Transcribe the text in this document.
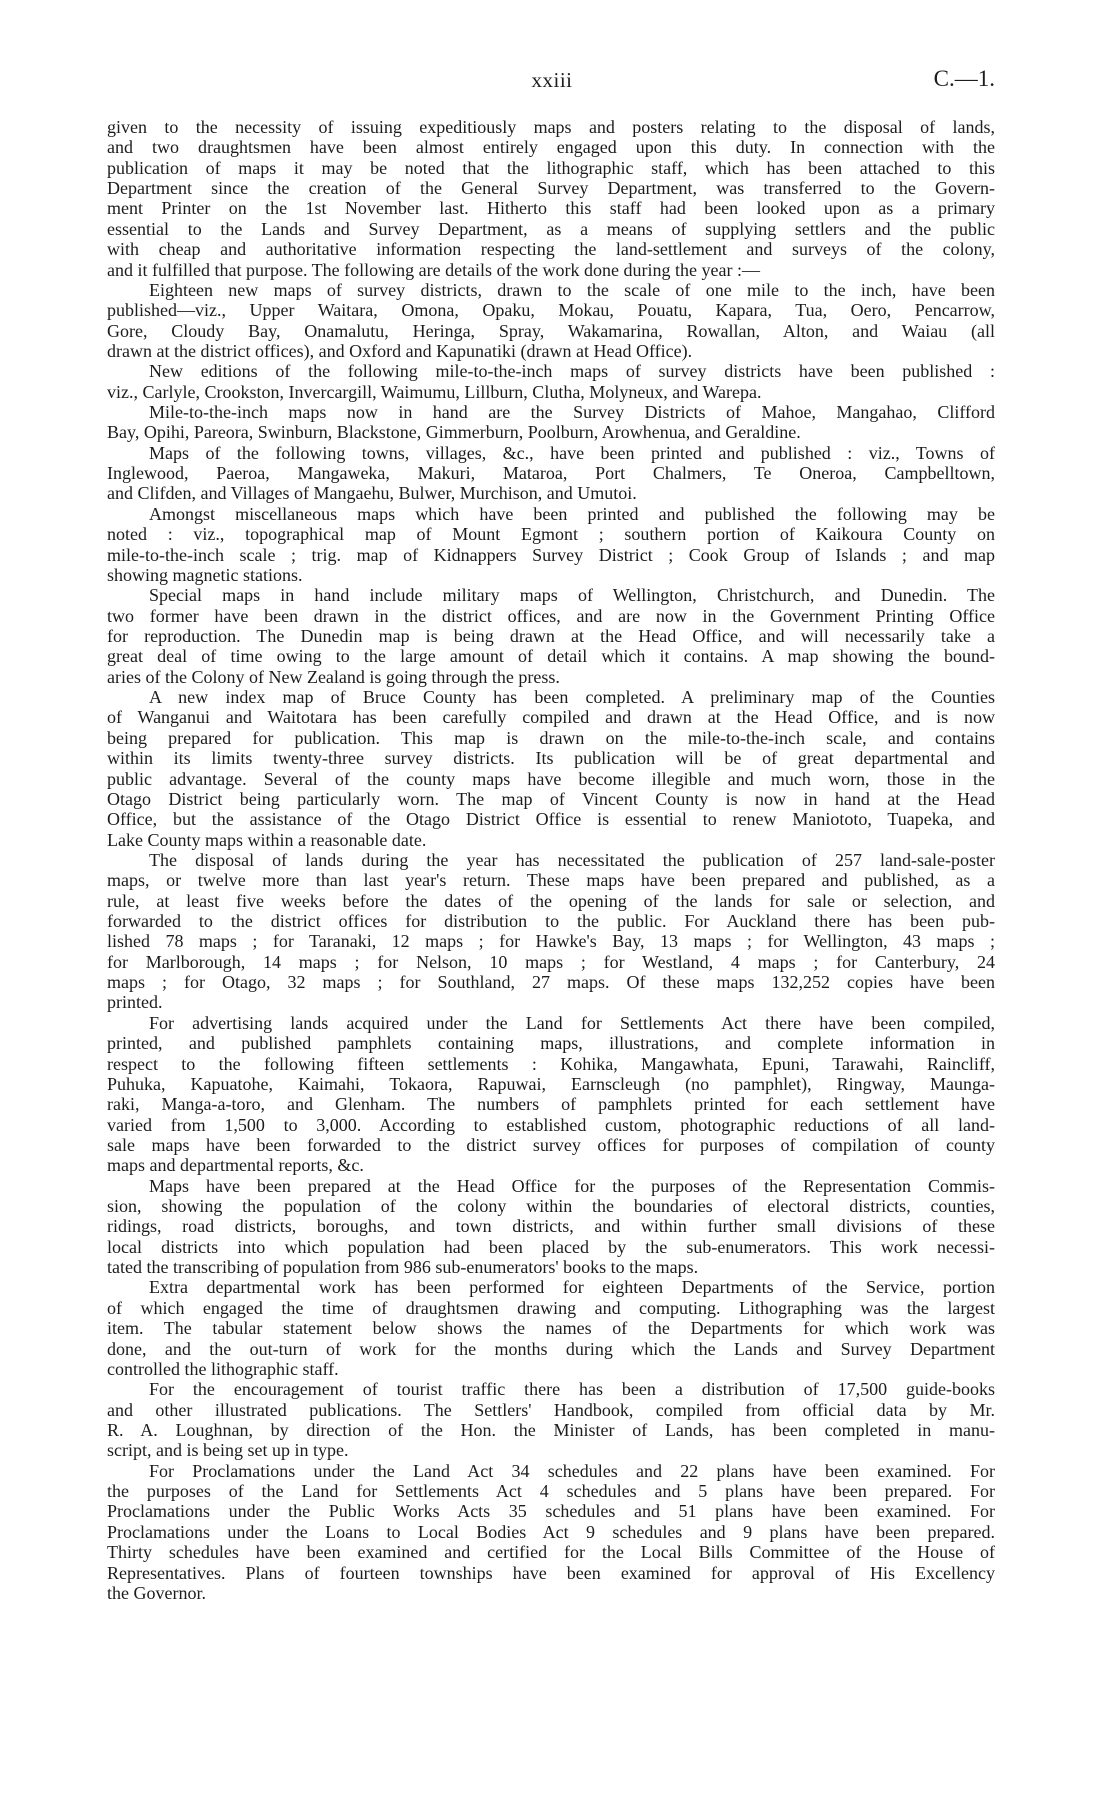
xxiii	C.—1.
given to the necessity of issuing expeditiously maps and posters relating to the disposal of lands,
and two draughtsmen have been almost entirely engaged upon this duty. In connection with the
publication of maps it may be noted that the lithographic staff, which has been attached to this
Department since the creation of the General Survey Department, was transferred to the Govern-
ment Printer on the 1st November last. Hitherto this staff had been looked upon as a primary
essential to the Lands and Survey Department, as a means of supplying settlers and the public
with cheap and authoritative information respecting the land-settlement and surveys of the colony,
and it fulfilled that purpose. The following are details of the work done during the year :—
Eighteen new maps of survey districts, drawn to the scale of one mile to the inch, have been
published—viz., Upper Waitara, Omona, Opaku, Mokau, Pouatu, Kapara, Tua, Oero, Pencarrow,
Gore, Cloudy Bay, Onamalutu, Heringa, Spray, Wakamarina, Rowallan, Alton, and Waiau (all
drawn at the district offices), and Oxford and Kapunatiki (drawn at Head Office).
New editions of the following mile-to-the-inch maps of survey districts have been published :
viz., Carlyle, Crookston, Invercargill, Waimumu, Lillburn, Clutha, Molyneux, and Warepa.
Mile-to-the-inch maps now in hand are the Survey Districts of Mahoe, Mangahao, Clifford
Bay, Opihi, Pareora, Swinburn, Blackstone, Gimmerburn, Poolburn, Arowhenua, and Geraldine.
Maps of the following towns, villages, &c., have been printed and published : viz., Towns of
Inglewood, Paeroa, Mangaweka, Makuri, Mataroa, Port Chalmers, Te Oneroa, Campbelltown,
and Clifden, and Villages of Mangaehu, Bulwer, Murchison, and Umutoi.
Amongst miscellaneous maps which have been printed and published the following may be
noted : viz., topographical map of Mount Egmont ; southern portion of Kaikoura County on
mile-to-the-inch scale ; trig. map of Kidnappers Survey District ; Cook Group of Islands ; and map
showing magnetic stations.
Special maps in hand include military maps of Wellington, Christchurch, and Dunedin. The
two former have been drawn in the district offices, and are now in the Government Printing Office
for reproduction. The Dunedin map is being drawn at the Head Office, and will necessarily take a
great deal of time owing to the large amount of detail which it contains. A map showing the bound-
aries of the Colony of New Zealand is going through the press.
A new index map of Bruce County has been completed. A preliminary map of the Counties
of Wanganui and Waitotara has been carefully compiled and drawn at the Head Office, and is now
being prepared for publication. This map is drawn on the mile-to-the-inch scale, and contains
within its limits twenty-three survey districts. Its publication will be of great departmental and
public advantage. Several of the county maps have become illegible and much worn, those in the
Otago District being particularly worn. The map of Vincent County is now in hand at the Head
Office, but the assistance of the Otago District Office is essential to renew Maniototo, Tuapeka, and
Lake County maps within a reasonable date.
The disposal of lands during the year has necessitated the publication of 257 land-sale-poster
maps, or twelve more than last year's return. These maps have been prepared and published, as a
rule, at least five weeks before the dates of the opening of the lands for sale or selection, and
forwarded to the district offices for distribution to the public. For Auckland there has been pub-
lished 78 maps ; for Taranaki, 12 maps ; for Hawke's Bay, 13 maps ; for Wellington, 43 maps ;
for Marlborough, 14 maps ; for Nelson, 10 maps ; for Westland, 4 maps ; for Canterbury, 24
maps ; for Otago, 32 maps ; for Southland, 27 maps. Of these maps 132,252 copies have been
printed.
For advertising lands acquired under the Land for Settlements Act there have been compiled,
printed, and published pamphlets containing maps, illustrations, and complete information in
respect to the following fifteen settlements : Kohika, Mangawhata, Epuni, Tarawahi, Raincliff,
Puhuka, Kapuatohe, Kaimahi, Tokaora, Rapuwai, Earnscleugh (no pamphlet), Ringway, Maunga-
raki, Manga-a-toro, and Glenham. The numbers of pamphlets printed for each settlement have
varied from 1,500 to 3,000. According to established custom, photographic reductions of all land-
sale maps have been forwarded to the district survey offices for purposes of compilation of county
maps and departmental reports, &c.
Maps have been prepared at the Head Office for the purposes of the Representation Commis-
sion, showing the population of the colony within the boundaries of electoral districts, counties,
ridings, road districts, boroughs, and town districts, and within further small divisions of these
local districts into which population had been placed by the sub-enumerators. This work necessi-
tated the transcribing of population from 986 sub-enumerators' books to the maps.
Extra departmental work has been performed for eighteen Departments of the Service, portion
of which engaged the time of draughtsmen drawing and computing. Lithographing was the largest
item. The tabular statement below shows the names of the Departments for which work was
done, and the out-turn of work for the months during which the Lands and Survey Department
controlled the lithographic staff.
For the encouragement of tourist traffic there has been a distribution of 17,500 guide-books
and other illustrated publications. The Settlers' Handbook, compiled from official data by Mr.
R. A. Loughnan, by direction of the Hon. the Minister of Lands, has been completed in manu-
script, and is being set up in type.
For Proclamations under the Land Act 34 schedules and 22 plans have been examined. For
the purposes of the Land for Settlements Act 4 schedules and 5 plans have been prepared. For
Proclamations under the Public Works Acts 35 schedules and 51 plans have been examined. For
Proclamations under the Loans to Local Bodies Act 9 schedules and 9 plans have been prepared.
Thirty schedules have been examined and certified for the Local Bills Committee of the House of
Representatives. Plans of fourteen townships have been examined for approval of His Excellency
the Governor.
